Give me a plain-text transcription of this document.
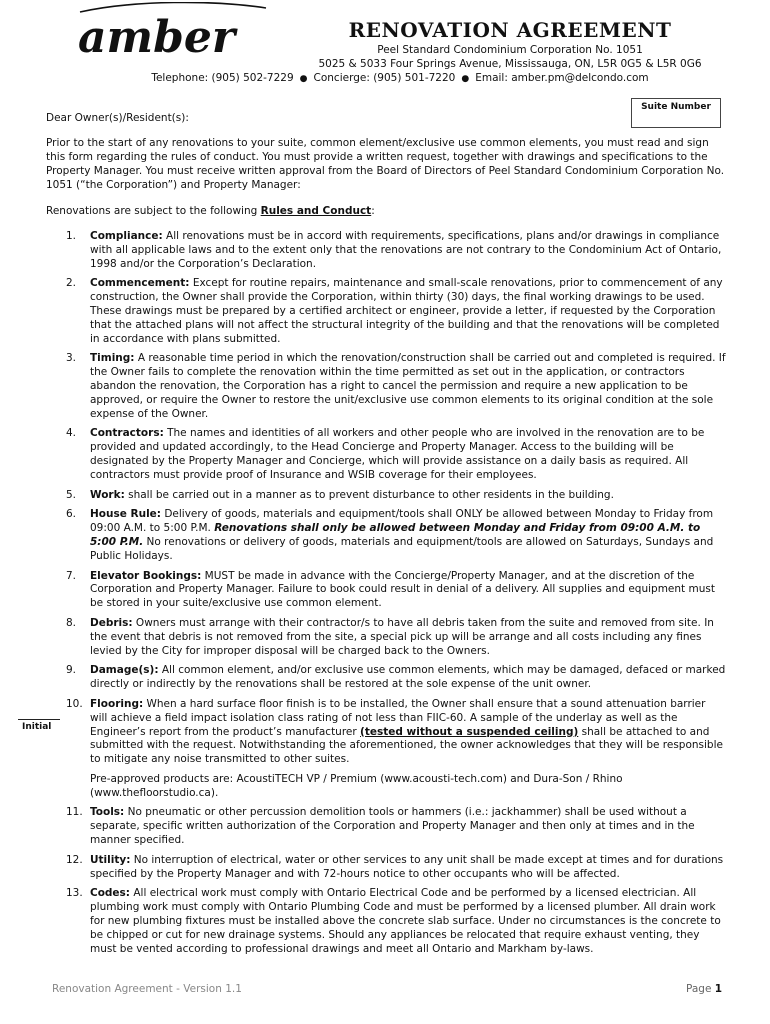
amber	RENOVATION AGREEMENT
Peel Standard Condominium Corporation No. 1051
5025 & 5033 Four Springs Avenue, Mississauga, ON, L5R 0G5 & L5R 0G6
Telephone: (905) 502-7229 ● Concierge: (905) 501-7220 ● Email: amber.pm@delcondo.com
Suite Number
Dear Owner(s)/Resident(s):
Prior to the start of any renovations to your suite, common element/exclusive use common elements, you must read and sign this form regarding the rules of conduct. You must provide a written request, together with drawings and specifications to the Property Manager. You must receive written approval from the Board of Directors of Peel Standard Condominium Corporation No. 1051 (“the Corporation”) and Property Manager:
Renovations are subject to the following Rules and Conduct:
1. Compliance: All renovations must be in accord with requirements, specifications, plans and/or drawings in compliance with all applicable laws and to the extent only that the renovations are not contrary to the Condominium Act of Ontario, 1998 and/or the Corporation’s Declaration.
2. Commencement: Except for routine repairs, maintenance and small-scale renovations, prior to commencement of any construction, the Owner shall provide the Corporation, within thirty (30) days, the final working drawings to be used. These drawings must be prepared by a certified architect or engineer, provide a letter, if requested by the Corporation that the attached plans will not affect the structural integrity of the building and that the renovations will be completed in accordance with plans submitted.
3. Timing: A reasonable time period in which the renovation/construction shall be carried out and completed is required. If the Owner fails to complete the renovation within the time permitted as set out in the application, or contractors abandon the renovation, the Corporation has a right to cancel the permission and require a new application to be approved, or require the Owner to restore the unit/exclusive use common elements to its original condition at the sole expense of the Owner.
4. Contractors: The names and identities of all workers and other people who are involved in the renovation are to be provided and updated accordingly, to the Head Concierge and Property Manager. Access to the building will be designated by the Property Manager and Concierge, which will provide assistance on a daily basis as required. All contractors must provide proof of Insurance and WSIB coverage for their employees.
5. Work: shall be carried out in a manner as to prevent disturbance to other residents in the building.
6. House Rule: Delivery of goods, materials and equipment/tools shall ONLY be allowed between Monday to Friday from 09:00 A.M. to 5:00 P.M. Renovations shall only be allowed between Monday and Friday from 09:00 A.M. to 5:00 P.M. No renovations or delivery of goods, materials and equipment/tools are allowed on Saturdays, Sundays and Public Holidays.
7. Elevator Bookings: MUST be made in advance with the Concierge/Property Manager, and at the discretion of the Corporation and Property Manager. Failure to book could result in denial of a delivery. All supplies and equipment must be stored in your suite/exclusive use common element.
8. Debris: Owners must arrange with their contractor/s to have all debris taken from the suite and removed from site. In the event that debris is not removed from the site, a special pick up will be arrange and all costs including any fines levied by the City for improper disposal will be charged back to the Owners.
9. Damage(s): All common element, and/or exclusive use common elements, which may be damaged, defaced or marked directly or indirectly by the renovations shall be restored at the sole expense of the unit owner.
10. Flooring: When a hard surface floor finish is to be installed, the Owner shall ensure that a sound attenuation barrier will achieve a field impact isolation class rating of not less than FIIC-60. A sample of the underlay as well as the Engineer’s report from the product’s manufacturer (tested without a suspended ceiling) shall be attached to and submitted with the request. Notwithstanding the aforementioned, the owner acknowledges that they will be responsible to mitigate any noise transmitted to other suites.

Pre-approved products are: AcoustiTECH VP / Premium (www.acousti-tech.com) and Dura-Son / Rhino (www.thefloorstudio.ca).

11. Tools: No pneumatic or other percussion demolition tools or hammers (i.e.: jackhammer) shall be used without a separate, specific written authorization of the Corporation and Property Manager and then only at times and in the manner specified.
12. Utility: No interruption of electrical, water or other services to any unit shall be made except at times and for durations specified by the Property Manager and with 72-hours notice to other occupants who will be affected.
13. Codes: All electrical work must comply with Ontario Electrical Code and be performed by a licensed electrician. All plumbing work must comply with Ontario Plumbing Code and must be performed by a licensed plumber. All drain work for new plumbing fixtures must be installed above the concrete slab surface. Under no circumstances is the concrete to be chipped or cut for new drainage systems. Should any appliances be relocated that require exhaust venting, they must be vented according to professional drawings and meet all Ontario and Markham by-laws.
Initial
Renovation Agreement - Version 1.1	Page 1
